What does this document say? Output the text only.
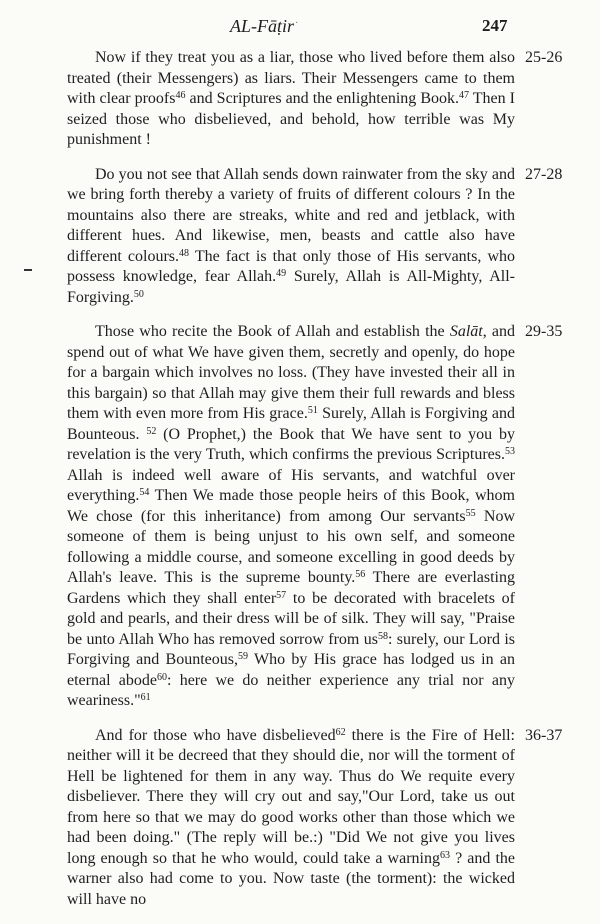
·
AL-Fāṭir	247
Now if they treat you as a liar, those who lived before them also treated (their Messengers) as liars. Their Messengers came to them with clear proofs$^{46}$ and Scriptures and the enlightening Book.$^{47}$ Then I seized those who disbelieved, and behold, how terrible was My punishment !
25-26
Do you not see that Allah sends down rainwater from the sky and we bring forth thereby a variety of fruits of different colours ? In the mountains also there are streaks, white and red and jetblack, with different hues. And likewise, men, beasts and cattle also have different colours.$^{48}$ The fact is that only those of His servants, who possess knowledge, fear Allah.$^{49}$ Surely, Allah is All-Mighty, All-Forgiving.$^{50}$
27-28
Those who recite the Book of Allah and establish the Salāt, and spend out of what We have given them, secretly and openly, do hope for a bargain which involves no loss. (They have invested their all in this bargain) so that Allah may give them their full rewards and bless them with even more from His grace.$^{51}$ Surely, Allah is Forgiving and Bounteous. $^{52}$ (O Prophet,) the Book that We have sent to you by revelation is the very Truth, which confirms the previous Scriptures.$^{53}$ Allah is indeed well aware of His servants, and watchful over everything.$^{54}$ Then We made those people heirs of this Book, whom We chose (for this inheritance) from among Our servants$^{55}$ Now someone of them is being unjust to his own self, and someone following a middle course, and someone excelling in good deeds by Allah's leave. This is the supreme bounty.$^{56}$ There are everlasting Gardens which they shall enter$^{57}$ to be decorated with bracelets of gold and pearls, and their dress will be of silk. They will say, "Praise be unto Allah Who has removed sorrow from $us^{58}$: surely, our Lord is Forgiving and Bounteous,$^{59}$ Who by His grace has lodged us in an eternal abode$^{60}$: here we do neither experience any trial nor any weariness."$^{61}$
29-35
And for those who have disbelieved$^{62}$ there is the Fire of Hell: neither will it be decreed that they should die, nor will the torment of Hell be lightened for them in any way. Thus do We requite every disbeliever. There they will cry out and say,"Our Lord, take us out from here so that we may do good works other than those which we had been doing." (The reply will be.:) "Did We not give you lives long enough so that he who would, could take a warning$^{63}$ ? and the warner also had come to you. Now taste (the torment): the wicked will have no
36-37
